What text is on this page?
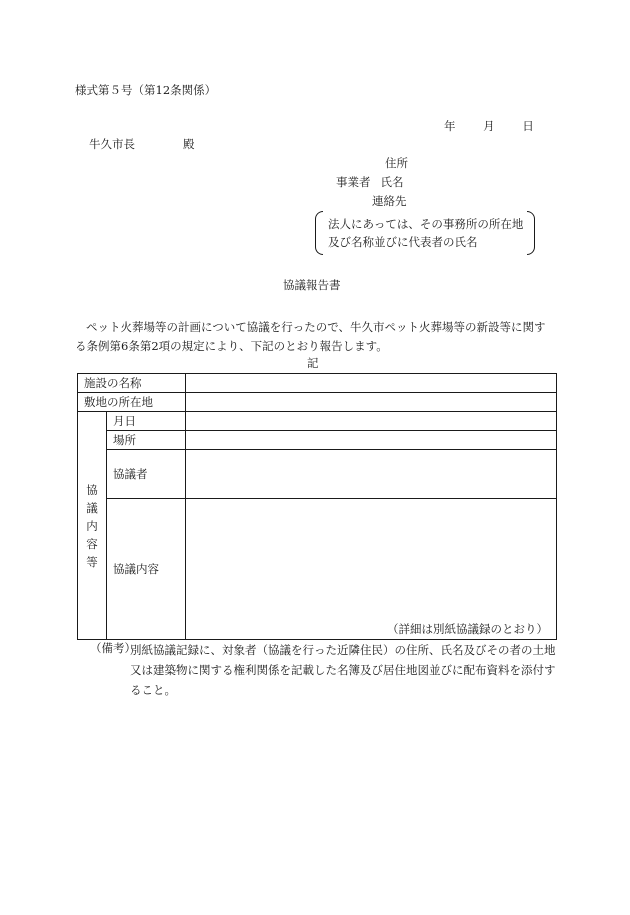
様式第５号（第12条関係）
年 月 日
牛久市長	殿
住所
事業者 氏名
連絡先
法人にあっては、その事務所の所在地
及び名称並びに代表者の氏名
協議報告書
ペット火葬場等の計画について協議を行ったので、牛久市ペット火葬場等の新設等に関する条例第6条第2項の規定により、下記のとおり報告します。
記
施設の名称		
敷地の所在地		
協議内容等	月日	
	場所	
	協議者	
	協議内容	（詳細は別紙協議録のとおり）
（備考）
別紙協議記録に、対象者（協議を行った近隣住民）の住所、氏名及びその者の土地又は建築物に関する権利関係を記載した名簿及び居住地図並びに配布資料を添付すること。
